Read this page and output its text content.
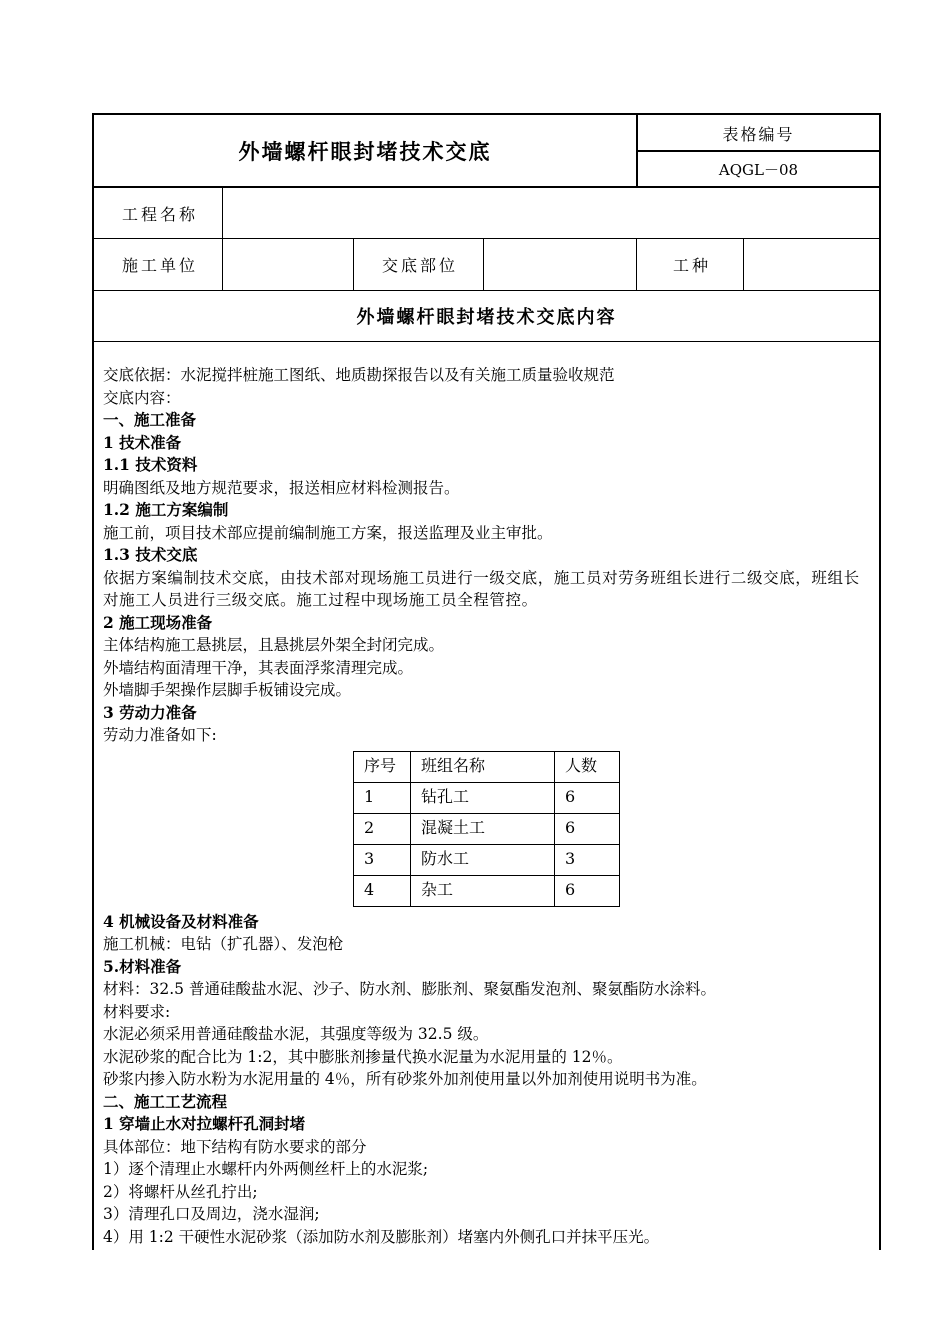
外墙螺杆眼封堵技术交底
表格编号
AQGL－08
工程名称
施工单位	交底部位	工种
外墙螺杆眼封堵技术交底内容
交底依据：水泥搅拌桩施工图纸、地质勘探报告以及有关施工质量验收规范
交底内容：
一、施工准备
1 技术准备
1.1 技术资料
明确图纸及地方规范要求，报送相应材料检测报告。
1.2 施工方案编制
施工前，项目技术部应提前编制施工方案，报送监理及业主审批。
1.3 技术交底
依据方案编制技术交底，由技术部对现场施工员进行一级交底，施工员对劳务班组长进行二级交底，班组长对施工人员进行三级交底。施工过程中现场施工员全程管控。
2 施工现场准备
主体结构施工悬挑层，且悬挑层外架全封闭完成。
外墙结构面清理干净，其表面浮浆清理完成。
外墙脚手架操作层脚手板铺设完成。
3 劳动力准备
劳动力准备如下:
序号	班组名称	人数
1	钻孔工	6
2	混凝土工	6
3	防水工	3
4	杂工	6
4 机械设备及材料准备
施工机械：电钻（扩孔器）、发泡枪
5.材料准备
材料：32.5 普通硅酸盐水泥、沙子、防水剂、膨胀剂、聚氨酯发泡剂、聚氨酯防水涂料。
材料要求:
水泥必须采用普通硅酸盐水泥，其强度等级为 32.5 级。
水泥砂浆的配合比为 1:2，其中膨胀剂掺量代换水泥量为水泥用量的 12％。
砂浆内掺入防水粉为水泥用量的 4％，所有砂浆外加剂使用量以外加剂使用说明书为准。
二、施工工艺流程
1 穿墙止水对拉螺杆孔洞封堵
具体部位：地下结构有防水要求的部分
1）逐个清理止水螺杆内外两侧丝杆上的水泥浆;
2）将螺杆从丝孔拧出;
3）清理孔口及周边，浇水湿润;
4）用 1:2 干硬性水泥砂浆（添加防水剂及膨胀剂）堵塞内外侧孔口并抹平压光。
